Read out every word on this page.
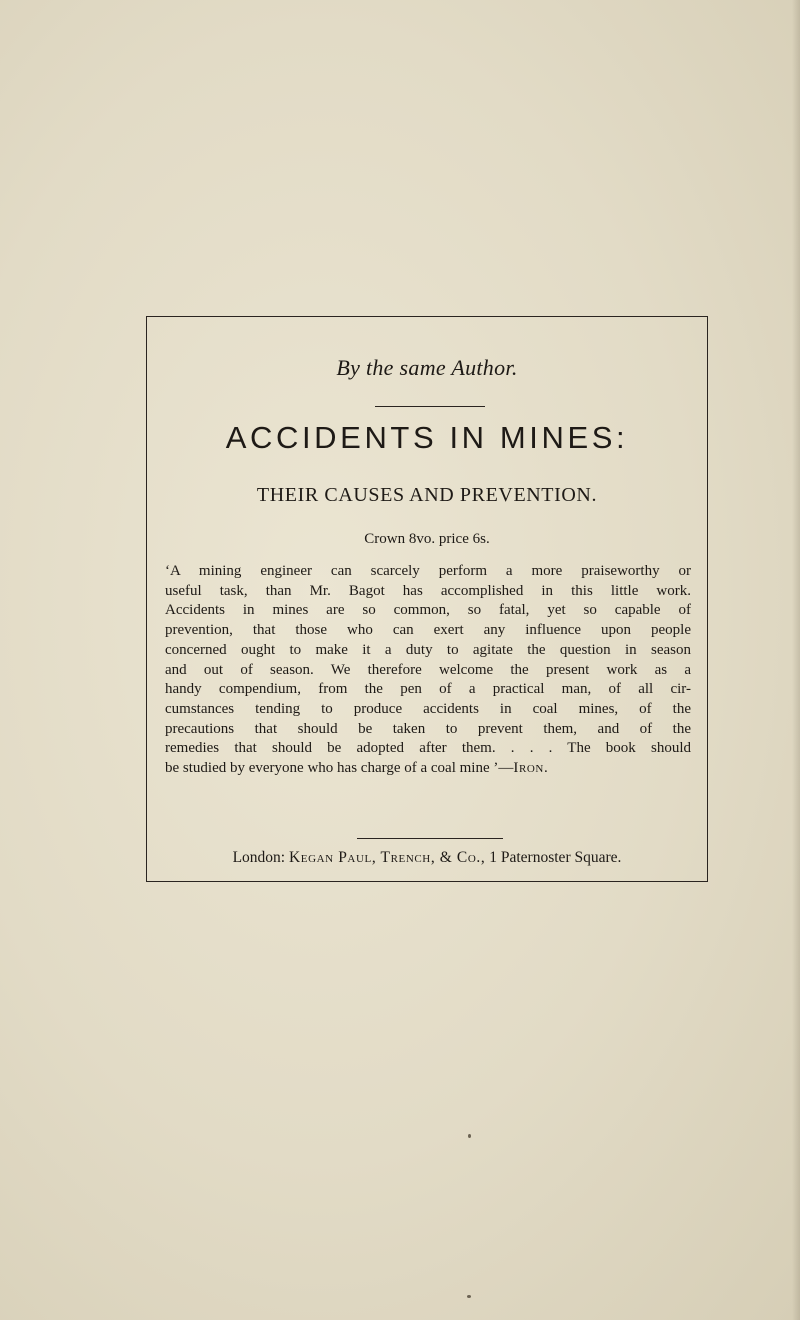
By the same Author.
ACCIDENTS IN MINES:
THEIR CAUSES AND PREVENTION.
Crown 8vo. price 6s.
‘A mining engineer can scarcely perform a more praiseworthy or
useful task, than Mr. Bagot has accomplished in this little work.
Accidents in mines are so common, so fatal, yet so capable of
prevention, that those who can exert any influence upon people
concerned ought to make it a duty to agitate the question in season
and out of season. We therefore welcome the present work as a
handy compendium, from the pen of a practical man, of all cir-
cumstances tending to produce accidents in coal mines, of the
precautions that should be taken to prevent them, and of the
remedies that should be adopted after them. . . . The book should
be studied by everyone who has charge of a coal mine ’—Iron.
London: Kegan Paul, Trench, & Co., 1 Paternoster Square.
